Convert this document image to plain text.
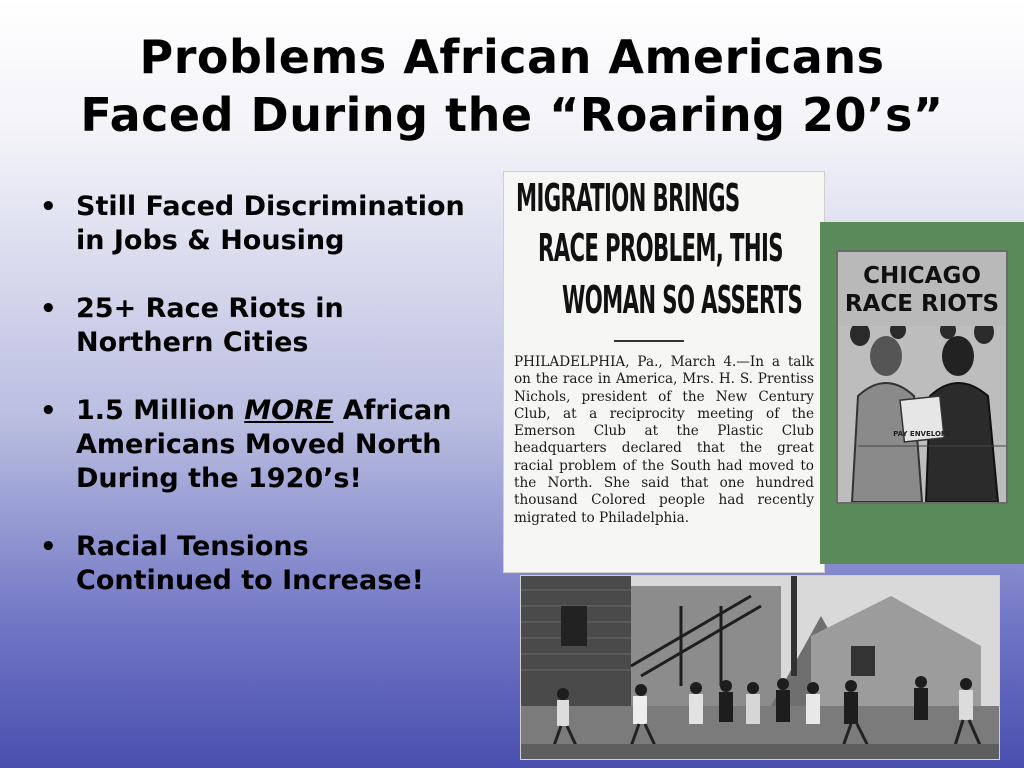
Problems African Americans
Faced During the “Roaring 20’s”
• Still Faced Discrimination in Jobs & Housing
• 25+ Race Riots in Northern Cities
• 1.5 Million MORE African Americans Moved North During the 1920’s!
• Racial Tensions Continued to Increase!
MIGRATION BRINGS
RACE PROBLEM, THIS
WOMAN SO ASSERTS
PHILADELPHIA, Pa., March 4.—In a talk on the race in America, Mrs. H. S. Prentiss Nichols, president of the New Century Club, at a reciprocity meeting of the Emerson Club at the Plastic Club headquarters declared that the great racial problem of the South had moved to the North. She said that one hundred thousand Colored people had recently migrated to Philadelphia.
CHICAGO
RACE RIOTS
PAY ENVELOPE
